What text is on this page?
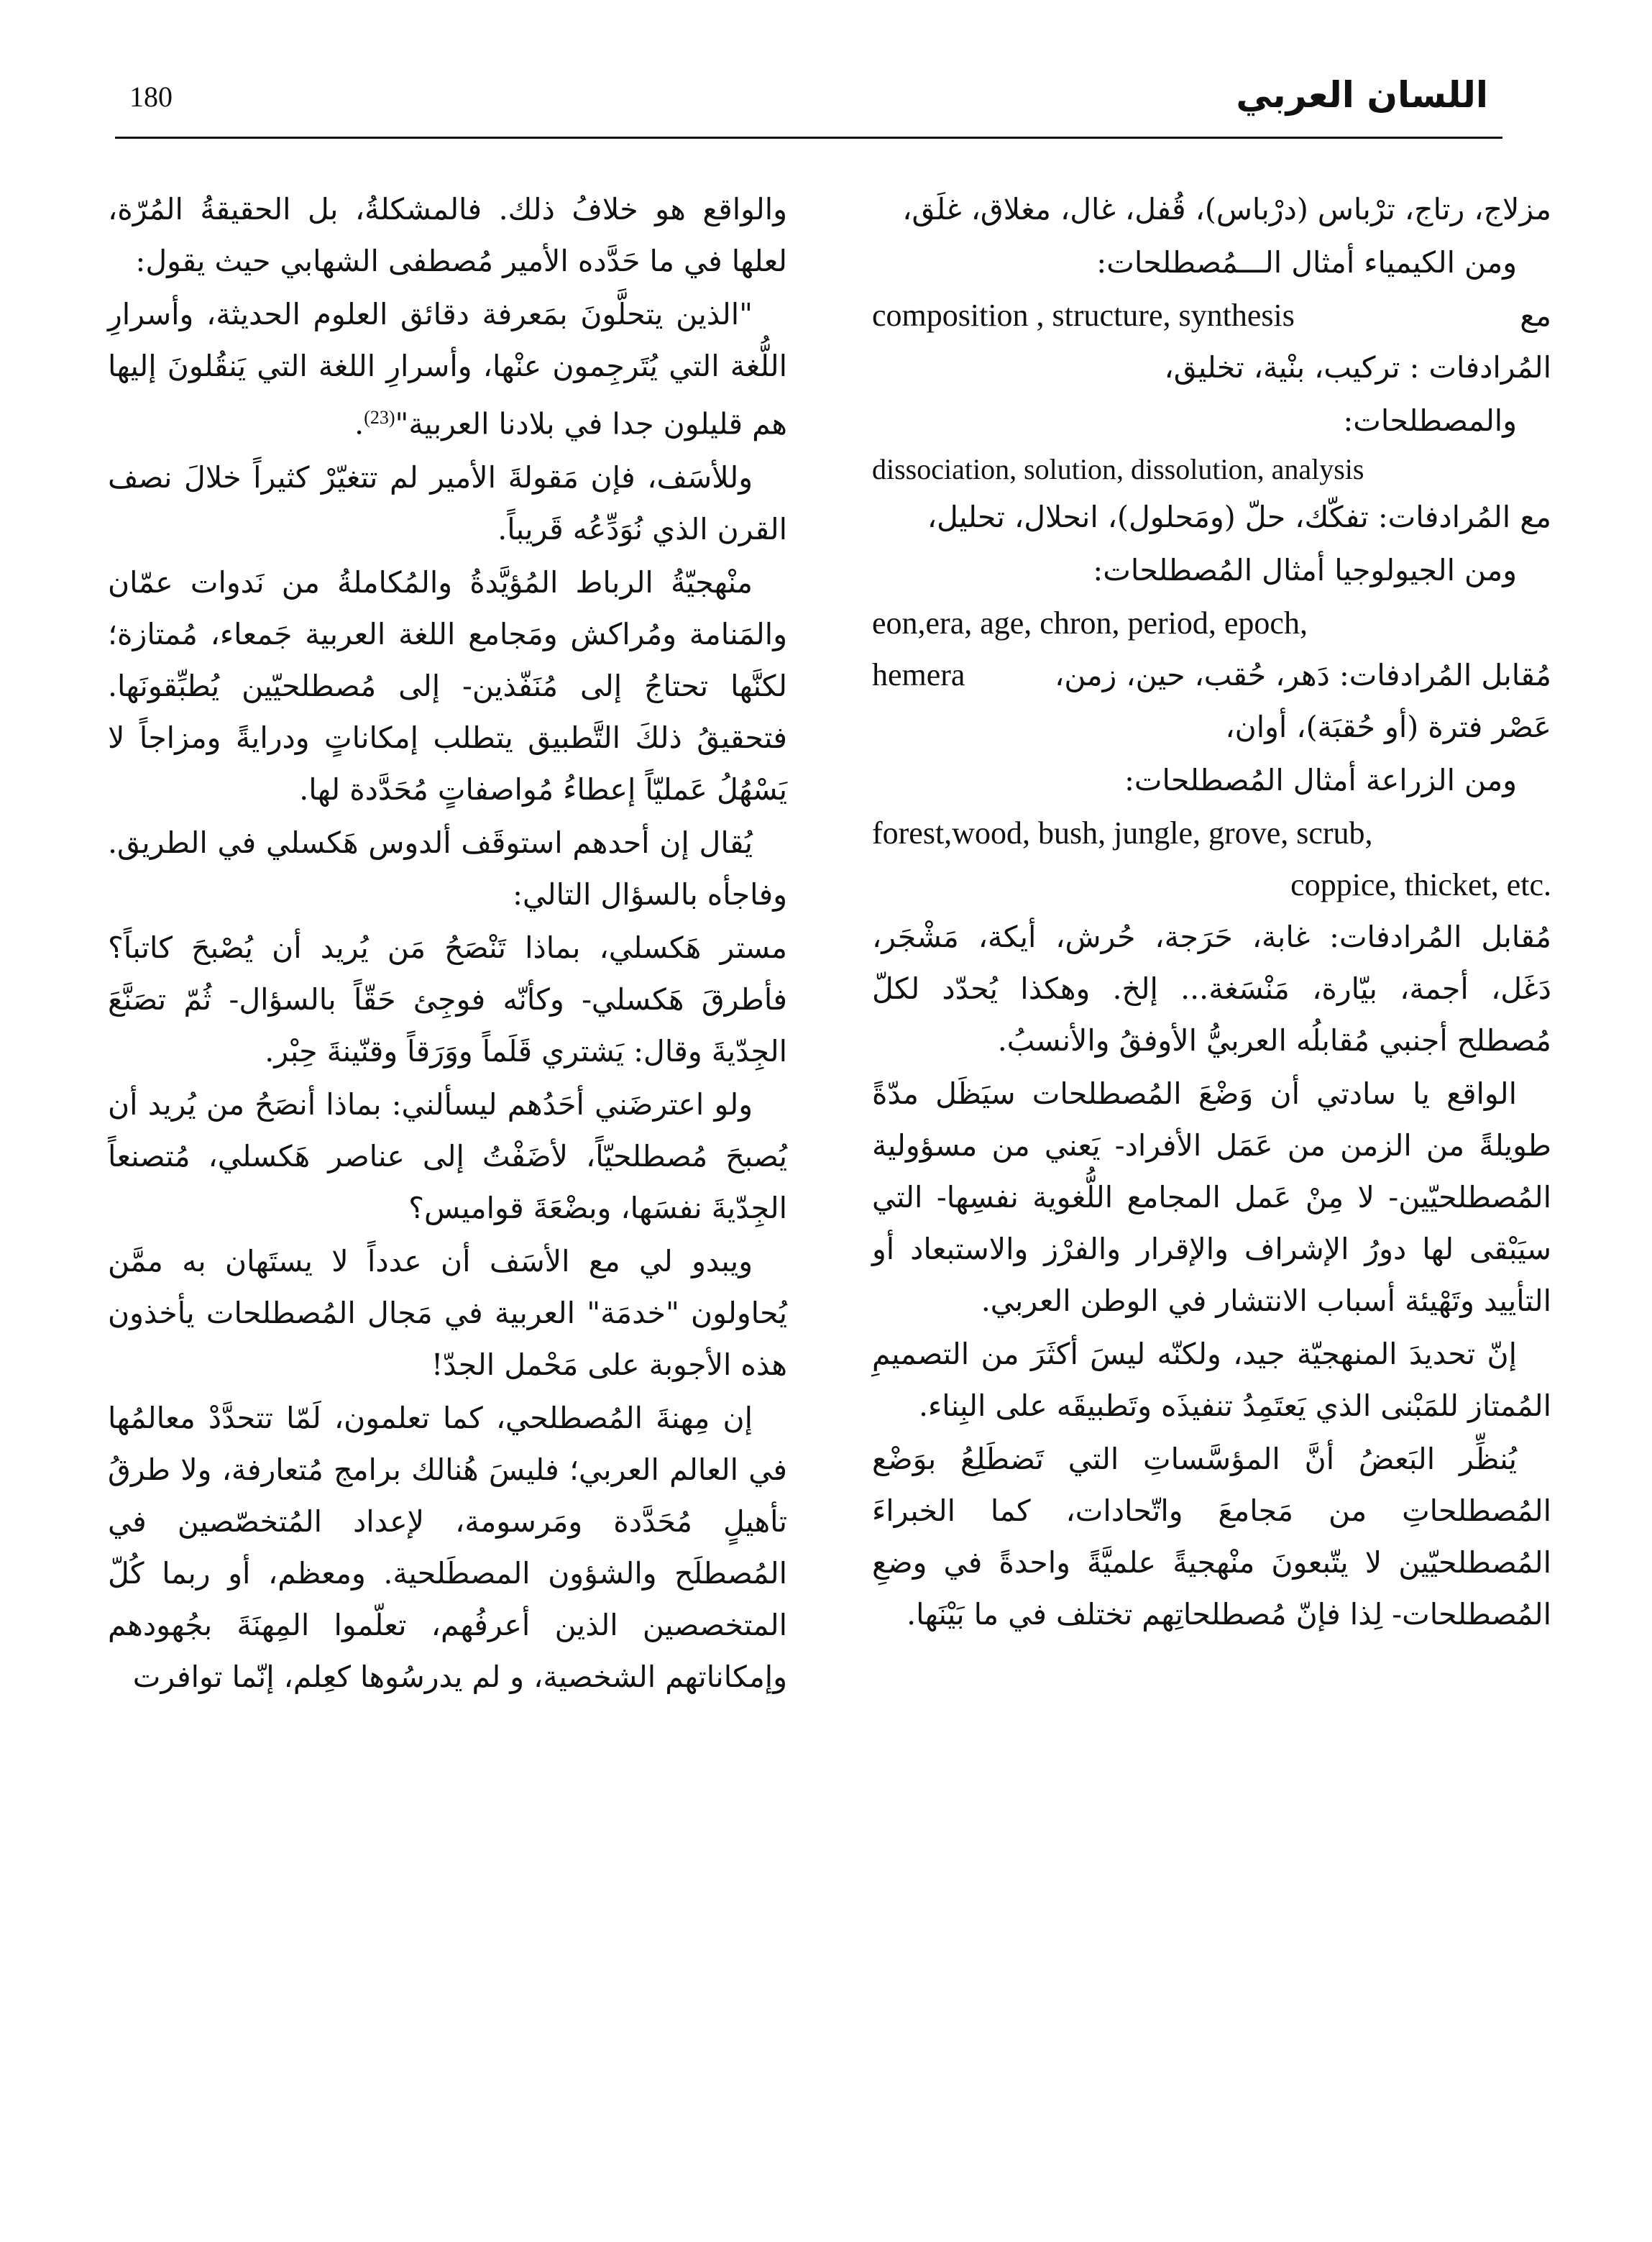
180	اللسان العربي

مزلاج، رتاج، ترْباس (درْباس)، قُفل، غال، مغلاق، غلَق،

ومن الكيمياء أمثال الـــمُصطلحات:

مع
composition , structure, synthesis

المُرادفات : تركيب، بنْية، تخليق،

والمصطلحات:

dissociation, solution, dissolution, analysis

مع المُرادفات: تفكّك، حلّ (ومَحلول)، انحلال، تحليل،

ومن الجيولوجيا أمثال المُصطلحات:

eon,era, age, chron, period, epoch,

مُقابل المُرادفات: دَهر، حُقب، حين، زمن،
hemera

عَصْر فترة (أو حُقبَة)، أوان،

ومن الزراعة أمثال المُصطلحات:

forest,wood, bush, jungle, grove, scrub,

coppice, thicket, etc.

مُقابل المُرادفات: غابة، حَرَجة، حُرش، أيكة، مَشْجَر، دَغَل، أجمة، بيّارة، مَنْسَغة... إلخ. وهكذا يُحدّد لكلّ مُصطلح أجنبي مُقابلُه العربيُّ الأوفقُ والأنسبُ.

الواقع يا سادتي أن وَضْعَ المُصطلحات سيَظَل مدّةً طويلةً من الزمن من عَمَل الأفراد- يَعني من مسؤولية المُصطلحيّين- لا مِنْ عَمل المجامع اللُّغوية نفسِها- التي سيَبْقى لها دورُ الإشراف والإقرار والفرْز والاستبعاد أو التأييد وتَهْيئة أسباب الانتشار في الوطن العربي.

إنّ تحديدَ المنهجيّة جيد، ولكنّه ليسَ أكثَرَ من التصميمِ المُمتاز للمَبْنى الذي يَعتَمِدُ تنفيذَه وتَطبيقَه على البِناء.

يُنظِّر البَعضُ أنَّ المؤسَّساتِ التي تَضطَلِعُ بوَضْع المُصطلحاتِ من مَجامعَ واتّحادات، كما الخبراءَ المُصطلحيّين لا يتّبعونَ منْهجيةً علميَّةً واحدةً في وضعِ المُصطلحات- لِذا فإنّ مُصطلحاتِهم تختلف في ما بَيْنَها.

والواقع هو خلافُ ذلك. فالمشكلةُ، بل الحقيقةُ المُرّة، لعلها في ما حَدَّده الأمير مُصطفى الشهابي حيث يقول:

"الذين يتحلَّونَ بمَعرفة دقائق العلوم الحديثة، وأسرارِ اللُّغة التي يُتَرجِمون عنْها، وأسرارِ اللغة التي يَنقُلونَ إليها هم قليلون جدا في بلادنا العربية"$^{(23)}$.

وللأسَف، فإن مَقولةَ الأمير لم تتغيّرْ كثيراً خلالَ نصف القرن الذي نُوَدِّعُه قَريباً.

منْهجيّةُ الرباط المُؤيَّدةُ والمُكاملةُ من نَدوات عمّان والمَنامة ومُراكش ومَجامع اللغة العربية جَمعاء، مُمتازة؛ لكنَّها تحتاجُ إلى مُنَفّذين- إلى مُصطلحيّين يُطبِّقونَها. فتحقيقُ ذلكَ التَّطبيق يتطلب إمكاناتٍ ودرايةً ومزاجاً لا يَسْهُلُ عَمليّاً إعطاءُ مُواصفاتٍ مُحَدَّدة لها.

يُقال إن أحدهم استوقَف ألدوس هَكسلي في الطريق. وفاجأه بالسؤال التالي:

مستر هَكسلي، بماذا تَنْصَحُ مَن يُريد أن يُصْبحَ كاتباً؟ فأطرقَ هَكسلي- وكأنّه فوجِئ حَقّاً بالسؤال- ثُمّ تصَنَّعَ الجِدّيةَ وقال: يَشتري قَلَماً ووَرَقاً وقنّينةَ حِبْر.

ولو اعترضَني أحَدُهم ليسألني: بماذا أنصَحُ من يُريد أن يُصبحَ مُصطلحيّاً، لأضَفْتُ إلى عناصر هَكسلي، مُتصنعاً الجِدّيةَ نفسَها، وبضْعَةَ قواميس؟

ويبدو لي مع الأسَف أن عدداً لا يستَهان به ممَّن يُحاولون "خدمَة" العربية في مَجال المُصطلحات يأخذون هذه الأجوبة على مَحْمل الجدّ!

إن مِهنةَ المُصطلحي، كما تعلمون، لَمّا تتحدَّدْ معالمُها في العالم العربي؛ فليسَ هُنالك برامج مُتعارفة، ولا طرقُ تأهيلٍ مُحَدَّدة ومَرسومة، لإعداد المُتخصّصين في المُصطلَح والشؤون المصطَلحية. ومعظم، أو ربما كُلّ المتخصصين الذين أعرفُهم، تعلّموا المِهنَةَ بجُهودهم وإمكاناتهم الشخصية، و لم يدرسُوها كعِلم، إنّما توافرت
